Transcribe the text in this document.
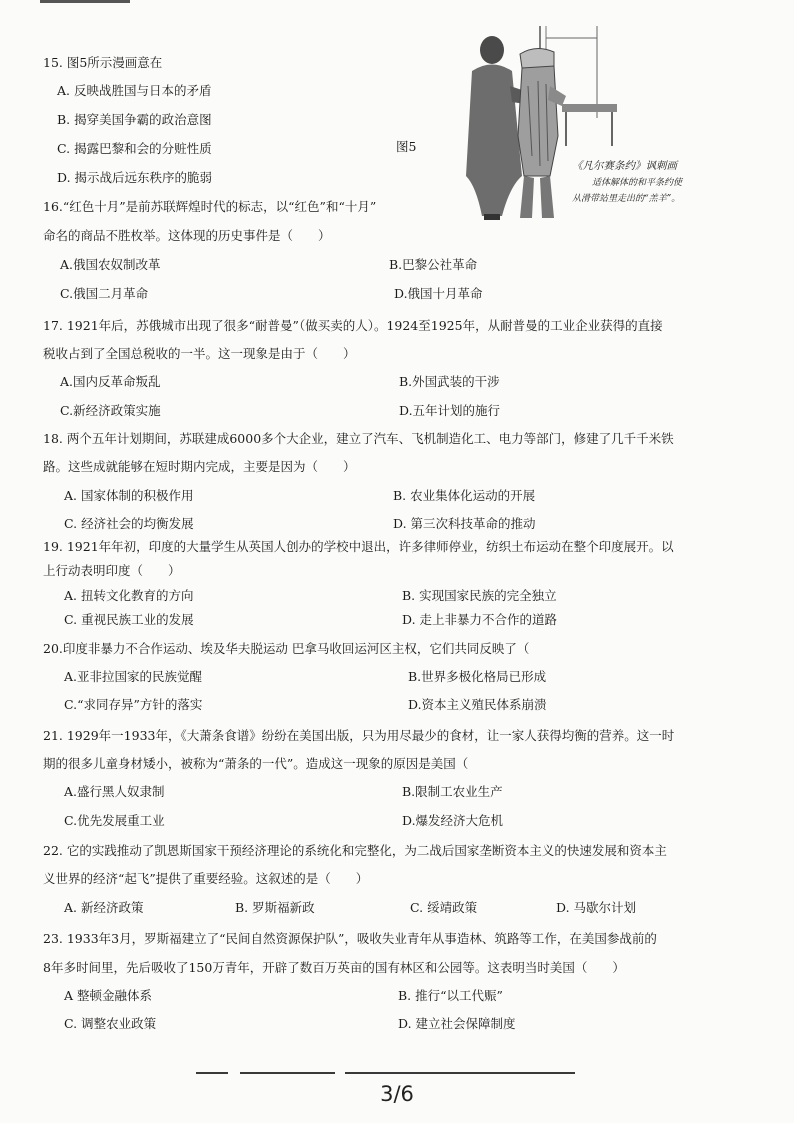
15. 图5所示漫画意在
A. 反映战胜国与日本的矛盾
B. 揭穿美国争霸的政治意图
C. 揭露巴黎和会的分赃性质
D. 揭示战后远东秩序的脆弱
图5
《凡尔赛条约》讽刺画
适体解体的和平条约使
从滑带站里走出的“羔羊”。
16.“红色十月”是前苏联辉煌时代的标志，以“红色”和“十月”
命名的商品不胜枚举。这体现的历史事件是（　　）
A.俄国农奴制改革	B.巴黎公社革命
C.俄国二月革命	D.俄国十月革命
17. 1921年后，苏俄城市出现了很多“耐普曼”（做买卖的人）。1924至1925年，从耐普曼的工业企业获得的直接
税收占到了全国总税收的一半。这一现象是由于（　　）
A.国内反革命叛乱	B.外国武装的干涉
C.新经济政策实施	D.五年计划的施行
18. 两个五年计划期间，苏联建成6000多个大企业，建立了汽车、飞机制造化工、电力等部门，修建了几千千米铁
路。这些成就能够在短时期内完成，主要是因为（　　）
A. 国家体制的积极作用	B. 农业集体化运动的开展
C. 经济社会的均衡发展	D. 第三次科技革命的推动
19. 1921年年初，印度的大量学生从英国人创办的学校中退出，许多律师停业，纺织土布运动在整个印度展开。以
上行动表明印度（　　）
A. 扭转文化教育的方向	B. 实现国家民族的完全独立
C. 重视民族工业的发展	D. 走上非暴力不合作的道路
20.印度非暴力不合作运动、埃及华夫脱运动 巴拿马收回运河区主权，它们共同反映了（
A.亚非拉国家的民族觉醒	B.世界多极化格局已形成
C.“求同存异”方针的落实	D.资本主义殖民体系崩溃
21. 1929年一1933年，《大萧条食谱》纷纷在美国出版，只为用尽最少的食材，让一家人获得均衡的营养。这一时
期的很多儿童身材矮小，被称为“萧条的一代”。造成这一现象的原因是美国（
A.盛行黑人奴隶制	B.限制工农业生产
C.优先发展重工业	D.爆发经济大危机
22. 它的实践推动了凯恩斯国家干预经济理论的系统化和完整化，为二战后国家垄断资本主义的快速发展和资本主
义世界的经济“起飞”提供了重要经验。这叙述的是（　　）
A. 新经济政策	B. 罗斯福新政	C. 绥靖政策	D. 马歇尔计划
23. 1933年3月，罗斯福建立了“民间自然资源保护队”，吸收失业青年从事造林、筑路等工作，在美国参战前的
8年多时间里，先后吸收了150万青年，开辟了数百万英亩的国有林区和公园等。这表明当时美国（　　）
A 整顿金融体系	B. 推行“以工代赈”
C. 调整农业政策	D. 建立社会保障制度
3/6
